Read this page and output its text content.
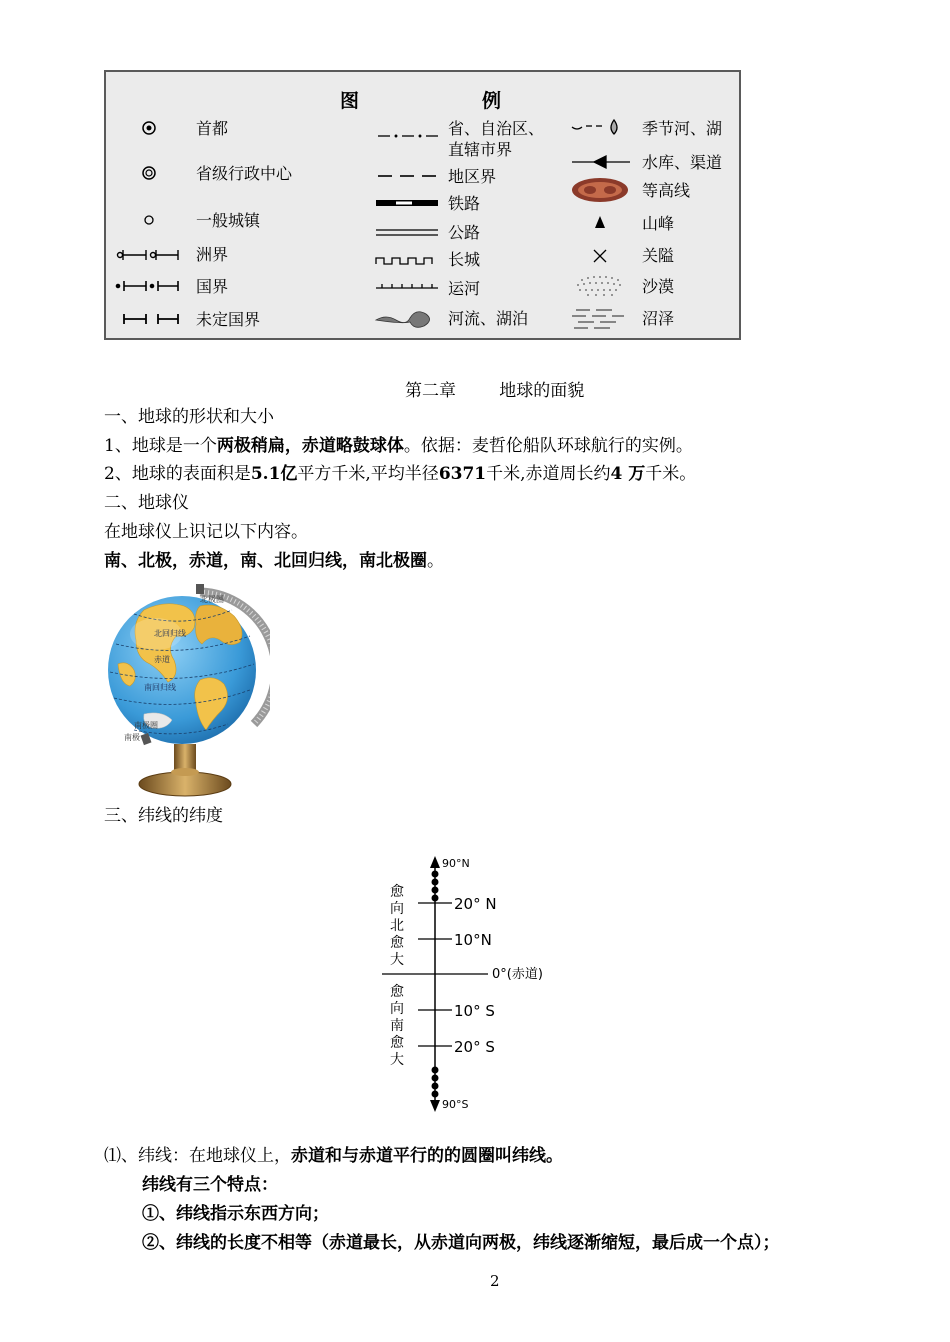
图	例
首都
省级行政中心
一般城镇
洲界
国界
未定国界
省、自治区、
直辖市界
地区界
铁路
公路
长城
运河
河流、湖泊
季节河、湖
水库、渠道
等高线
山峰
关隘
沙漠
沼泽
第二章        地球的面貌
一、地球的形状和大小
1、地球是一个两极稍扁，赤道略鼓球体。依据：麦哲伦船队环球航行的实例。
2、地球的表面积是5.1亿平方千米,平均半径6371千米,赤道周长约4 万千米。
二、地球仪
在地球仪上识记以下内容。
南、北极，赤道，南、北回归线，南北极圈。
北极圈
北回归线
赤道
南回归线
南极圈
南极
三、纬线的纬度
90°N
20° N
10°N
0°(赤道)
10° S
20° S
90°S
愈
向
北
愈
大
愈
向
南
愈
大
⑴、纬线：在地球仪上，赤道和与赤道平行的的圆圈叫纬线。
纬线有三个特点：
①、纬线指示东西方向；
②、纬线的长度不相等（赤道最长，从赤道向两极，纬线逐渐缩短，最后成一个点）；
2
